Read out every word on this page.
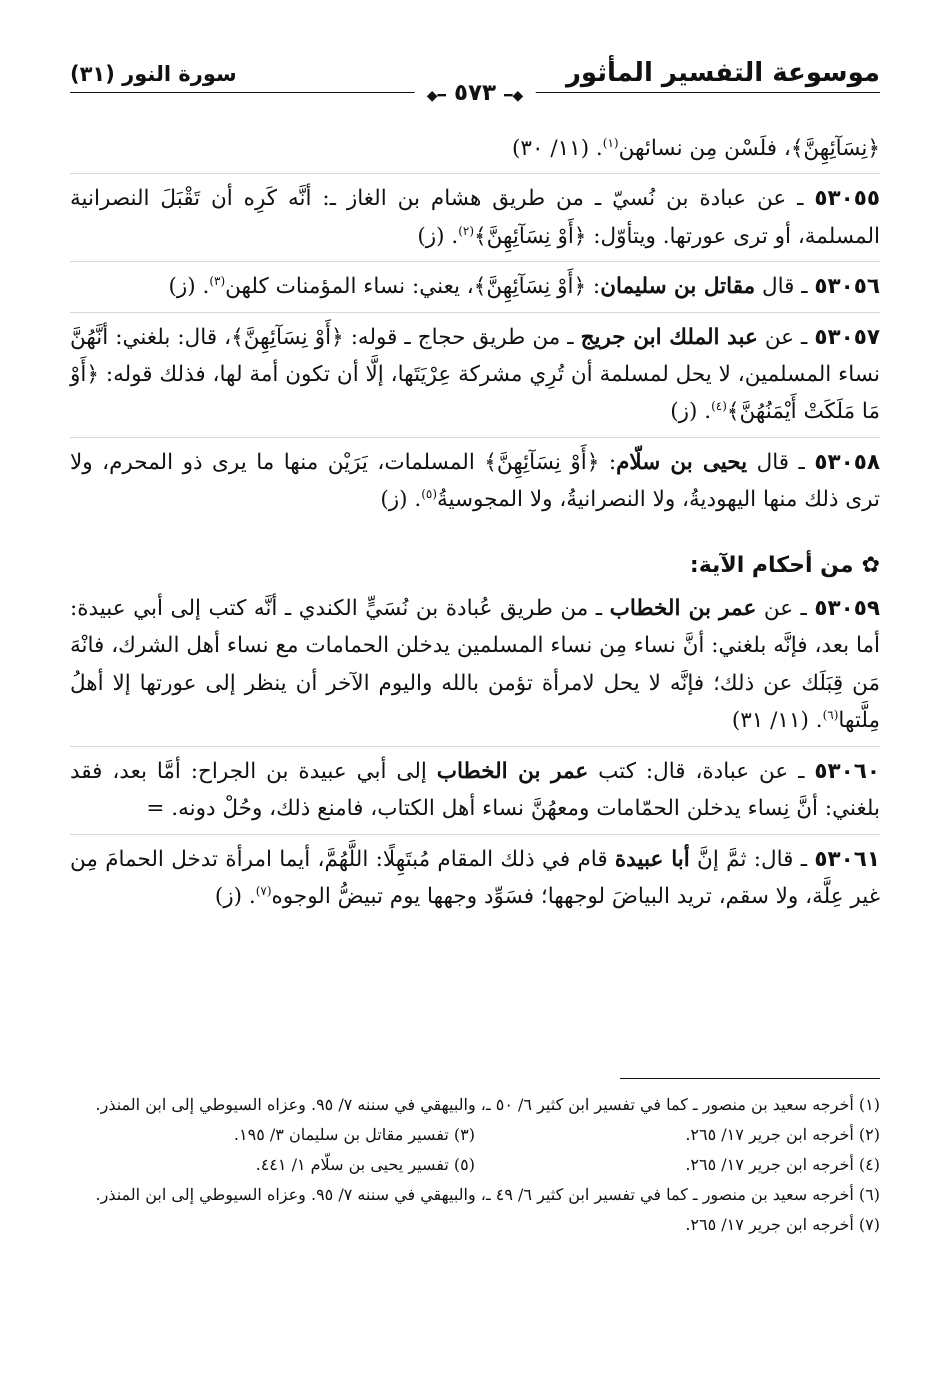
موسوعة التفسير المأثور
سورة النور (٣١)
◆━ ٥٧٣ ━◆

﴿نِسَآئِهِنَّ﴾، فلَسْن مِن نسائهن$^{(١)}$. (١١/ ٣٠)

٥٣٠٥٥ ـ عن عبادة بن نُسيّ ـ من طريق هشام بن الغاز ـ: أنَّه كَرِه أن تَقْبَلَ النصرانية المسلمة، أو ترى عورتها. ويتأوّل: ﴿أَوْ نِسَآئِهِنَّ﴾$^{(٢)}$. (ز)

٥٣٠٥٦ ـ قال مقاتل بن سليمان: ﴿أَوْ نِسَآئِهِنَّ﴾، يعني: نساء المؤمنات كلهن$^{(٣)}$. (ز)

٥٣٠٥٧ ـ عن عبد الملك ابن جريج ـ من طريق حجاج ـ قوله: ﴿أَوْ نِسَآئِهِنَّ﴾، قال: بلغني: أنَّهُنَّ نساء المسلمين، لا يحل لمسلمة أن تُرِي مشركة عِرْيَتَها، إلَّا أن تكون أمة لها، فذلك قوله: ﴿أَوْ مَا مَلَكَتْ أَيْمَنُهُنَّ﴾$^{(٤)}$. (ز)

٥٣٠٥٨ ـ قال يحيى بن سلّام: ﴿أَوْ نِسَآئِهِنَّ﴾ المسلمات، يَرَيْن منها ما يرى ذو المحرم، ولا ترى ذلك منها اليهوديةُ، ولا النصرانيةُ، ولا المجوسيةُ$^{(٥)}$. (ز)

✿من أحكام الآية:

٥٣٠٥٩ ـ عن عمر بن الخطاب ـ من طريق عُبادة بن نُسَيٍّ الكندي ـ أنَّه كتب إلى أبي عبيدة: أما بعد، فإنَّه بلغني: أنَّ نساء مِن نساء المسلمين يدخلن الحمامات مع نساء أهل الشرك، فانْهَ مَن قِبَلَك عن ذلك؛ فإنَّه لا يحل لامرأة تؤمن بالله واليوم الآخر أن ينظر إلى عورتها إلا أهلُ مِلَّتها$^{(٦)}$. (١١/ ٣١)

٥٣٠٦٠ ـ عن عبادة، قال: كتب عمر بن الخطاب إلى أبي عبيدة بن الجراح: أمَّا بعد، فقد بلغني: أنَّ نِساء يدخلن الحمّامات ومعهُنَّ نساء أهل الكتاب، فامنع ذلك، وحُلْ دونه. =

٥٣٠٦١ ـ قال: ثمَّ إنَّ أبا عبيدة قام في ذلك المقام مُبتَهِلًا: اللَّهُمَّ، أيما امرأة تدخل الحمامَ مِن غير عِلَّة، ولا سقم، تريد البياضَ لوجهها؛ فسَوِّد وجهها يوم تبيضُّ الوجوه$^{(٧)}$. (ز)

(١) أخرجه سعيد بن منصور ـ كما في تفسير ابن كثير ٦/ ٥٠ ـ، والبيهقي في سننه ٧/ ٩٥. وعزاه السيوطي إلى ابن المنذر.
(٢) أخرجه ابن جرير ١٧/ ٢٦٥.
(٣) تفسير مقاتل بن سليمان ٣/ ١٩٥.
(٤) أخرجه ابن جرير ١٧/ ٢٦٥.
(٥) تفسير يحيى بن سلّام ١/ ٤٤١.
(٦) أخرجه سعيد بن منصور ـ كما في تفسير ابن كثير ٦/ ٤٩ ـ، والبيهقي في سننه ٧/ ٩٥. وعزاه السيوطي إلى ابن المنذر.
(٧) أخرجه ابن جرير ١٧/ ٢٦٥.
